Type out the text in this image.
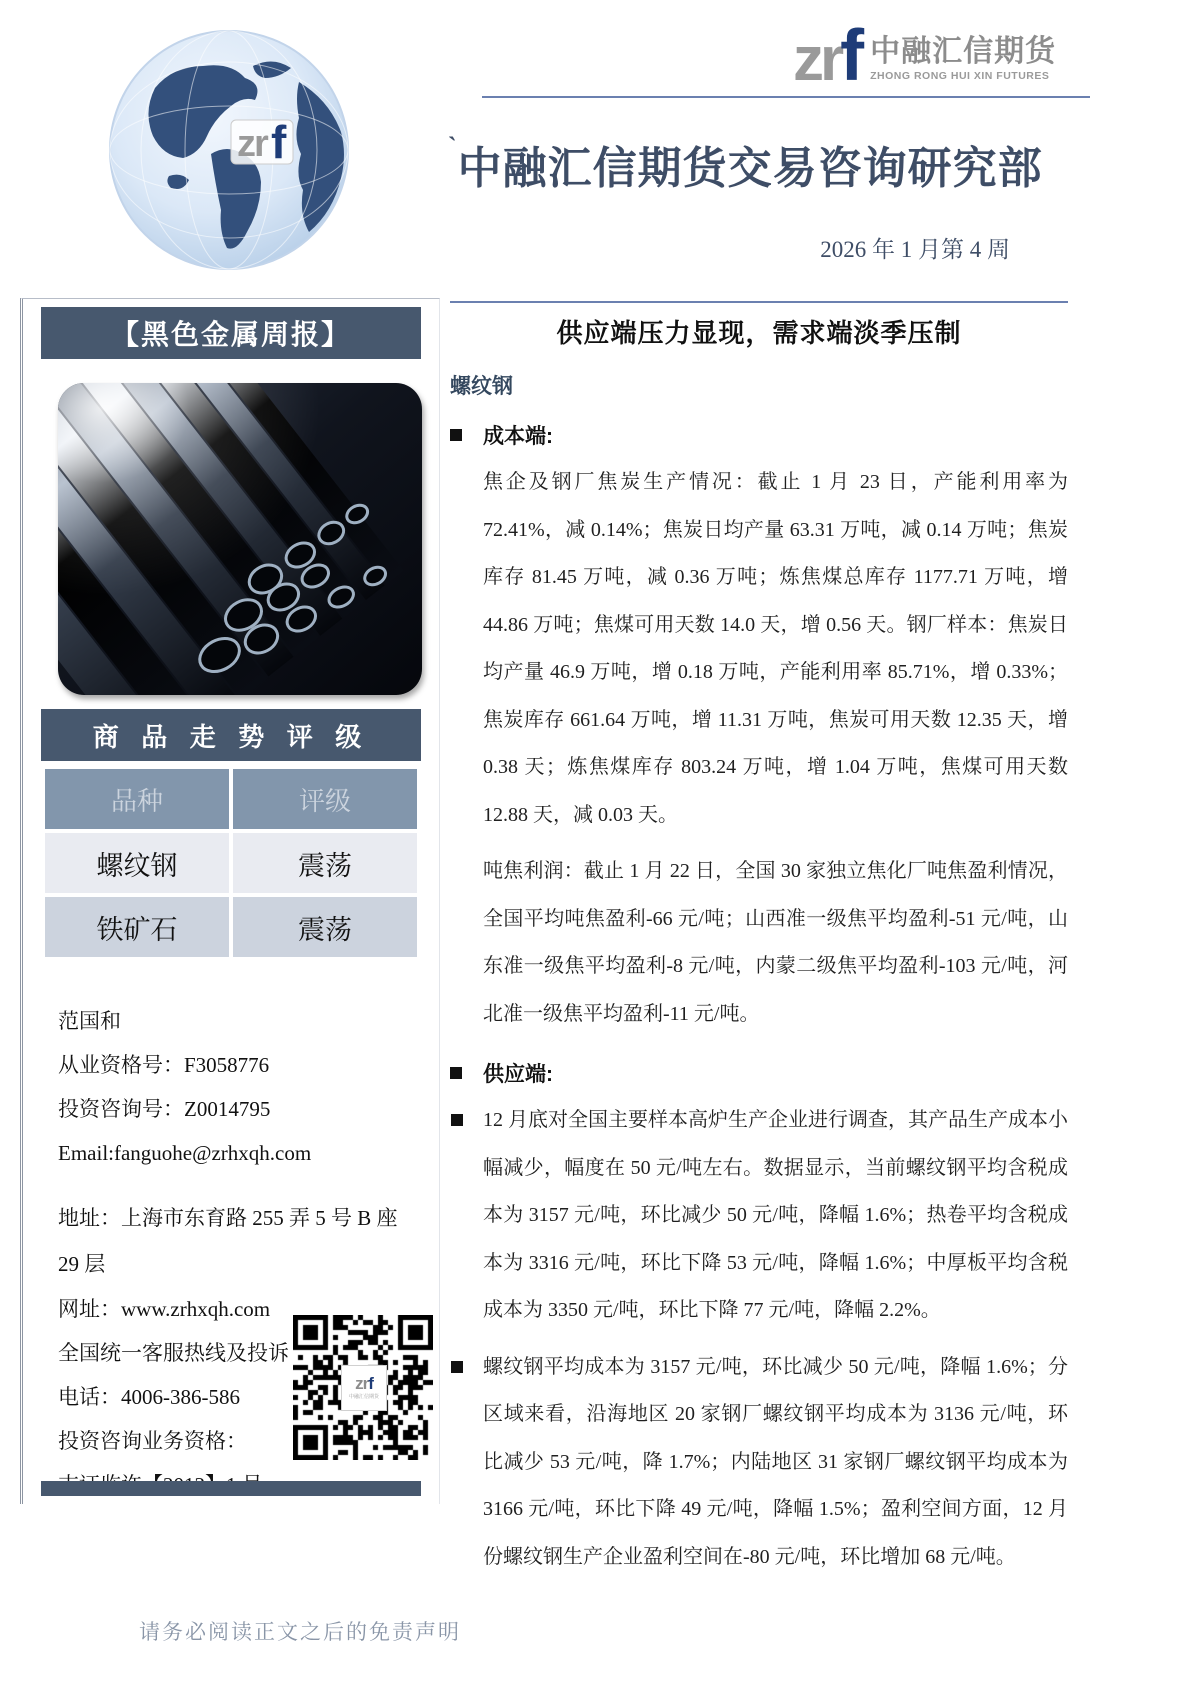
zr f
zrf 中融汇信期货
ZHONG RONG HUI XIN FUTURES
`中融汇信期货交易咨询研究部
2026 年 1 月第 4 周
【黑色金属周报】
商 品 走 势 评 级
品种	评级
螺纹钢	震荡
铁矿石	震荡
范国和
从业资格号：F3058776
投资咨询号：Z0014795
Email:fanguohe@zrhxqh.com
地址：上海市东育路 255 弄 5 号 B 座 29 层
网址：www.zrhxqh.com
全国统一客服热线及投诉
电话：4006-386-586
投资咨询业务资格：
zrf
中融汇信期货
供应端压力显现，需求端淡季压制
螺纹钢
成本端:
焦企及钢厂焦炭生产情况：截止 1 月 23 日，产能利用率为 72.41%，减 0.14%；焦炭日均产量 63.31 万吨，减 0.14 万吨；焦炭库存 81.45 万吨，减 0.36 万吨；炼焦煤总库存 1177.71 万吨，增 44.86 万吨；焦煤可用天数 14.0 天，增 0.56 天。钢厂样本：焦炭日均产量 46.9 万吨，增 0.18 万吨，产能利用率 85.71%，增 0.33%；焦炭库存 661.64 万吨，增 11.31 万吨，焦炭可用天数 12.35 天，增 0.38 天；炼焦煤库存 803.24 万吨，增 1.04 万吨，焦煤可用天数 12.88 天，减 0.03 天。
吨焦利润：截止 1 月 22 日，全国 30 家独立焦化厂吨焦盈利情况，全国平均吨焦盈利-66 元/吨；山西准一级焦平均盈利-51 元/吨，山东准一级焦平均盈利-8 元/吨，内蒙二级焦平均盈利-103 元/吨，河北准一级焦平均盈利-11 元/吨。
供应端:
12 月底对全国主要样本高炉生产企业进行调查，其产品生产成本小幅减少，幅度在 50 元/吨左右。数据显示，当前螺纹钢平均含税成本为 3157 元/吨，环比减少 50 元/吨，降幅 1.6%；热卷平均含税成本为 3316 元/吨，环比下降 53 元/吨，降幅 1.6%；中厚板平均含税成本为 3350 元/吨，环比下降 77 元/吨，降幅 2.2%。
螺纹钢平均成本为 3157 元/吨，环比减少 50 元/吨，降幅 1.6%；分区域来看，沿海地区 20 家钢厂螺纹钢平均成本为 3136 元/吨，环比减少 53 元/吨，降 1.7%；内陆地区 31 家钢厂螺纹钢平均成本为 3166 元/吨，环比下降 49 元/吨，降幅 1.5%；盈利空间方面，12 月份螺纹钢生产企业盈利空间在-80 元/吨，环比增加 68 元/吨。
请务必阅读正文之后的免责声明
